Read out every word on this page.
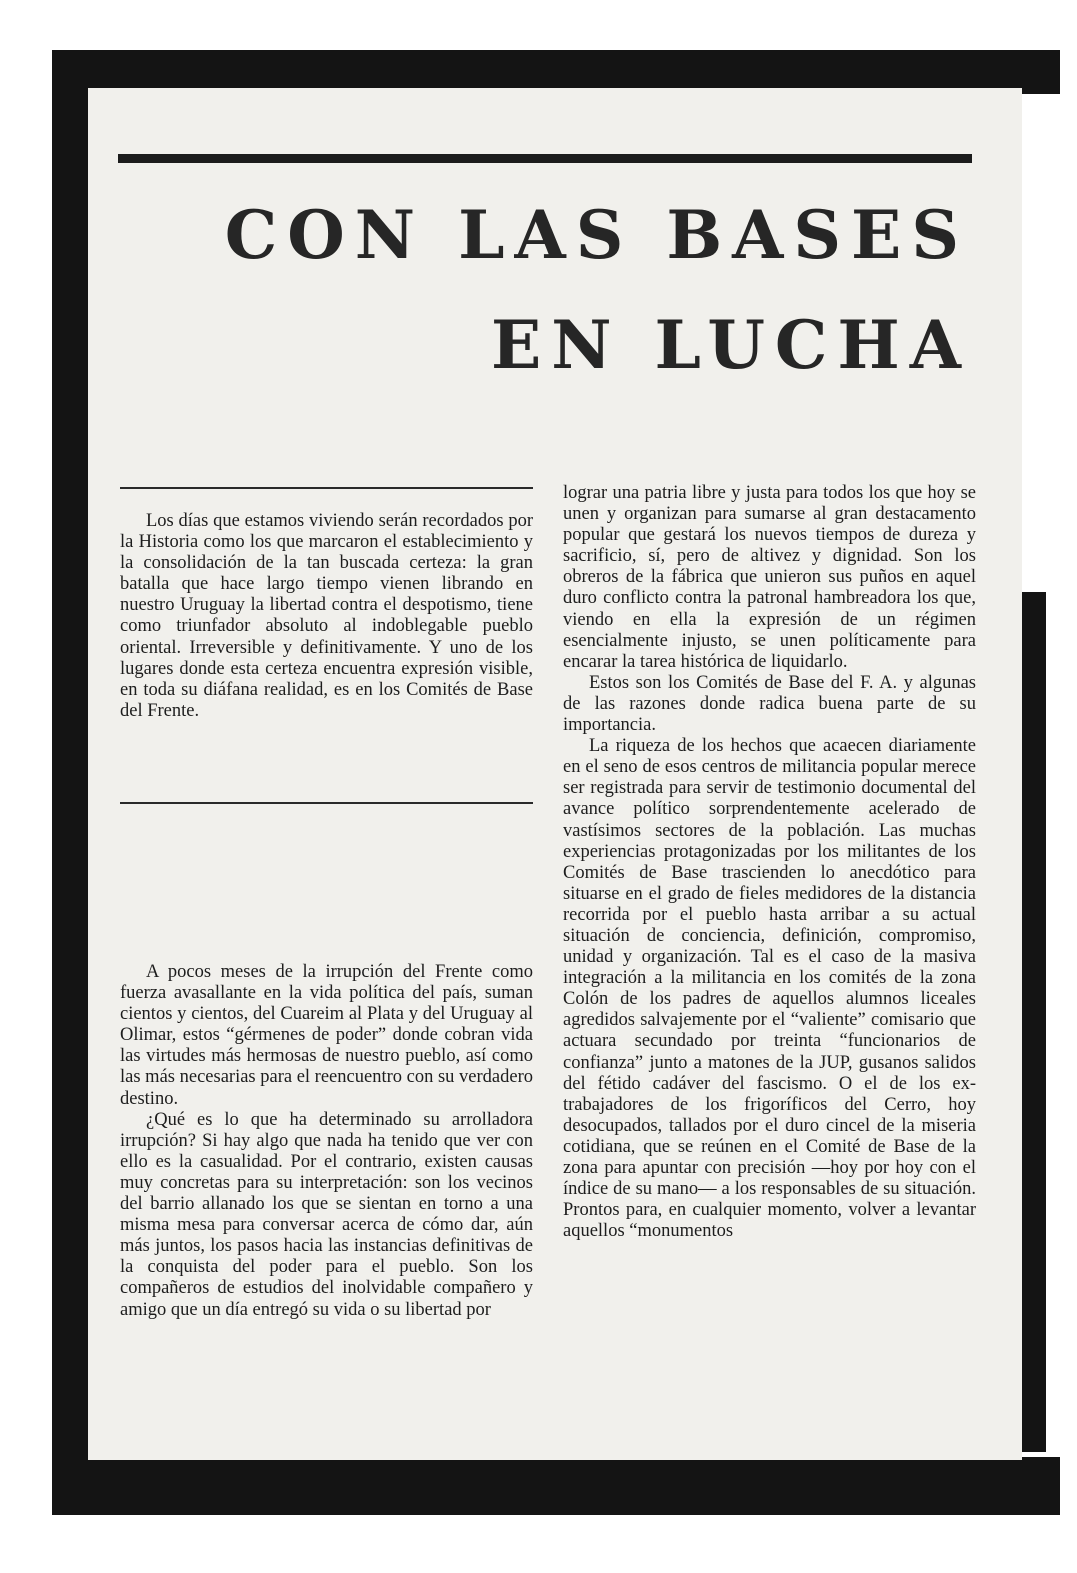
CON LAS BASES
EN LUCHA

Los días que estamos viviendo serán recordados por la Historia como los que marcaron el establecimiento y la consolidación de la tan buscada certeza: la gran batalla que hace largo tiempo vienen librando en nuestro Uruguay la libertad contra el despotismo, tiene como triunfador absoluto al indoblegable pueblo oriental. Irreversible y definitivamente. Y uno de los lugares donde esta certeza encuentra expresión visible, en toda su diáfana realidad, es en los Comités de Base del Frente.

A pocos meses de la irrupción del Frente como fuerza avasallante en la vida política del país, suman cientos y cientos, del Cuareim al Plata y del Uruguay al Olimar, estos “gérmenes de poder” donde cobran vida las virtudes más hermosas de nuestro pueblo, así como las más necesarias para el reencuentro con su verdadero destino.

¿Qué es lo que ha determinado su arrolladora irrupción? Si hay algo que nada ha tenido que ver con ello es la casualidad. Por el contrario, existen causas muy concretas para su interpretación: son los vecinos del barrio allanado los que se sientan en torno a una misma mesa para conversar acerca de cómo dar, aún más juntos, los pasos hacia las instancias definitivas de la conquista del poder para el pueblo. Son los compañeros de estudios del inolvidable compañero y amigo que un día entregó su vida o su libertad por

lograr una patria libre y justa para todos los que hoy se unen y organizan para sumarse al gran destacamento popular que gestará los nuevos tiempos de dureza y sacrificio, sí, pero de altivez y dignidad. Son los obreros de la fábrica que unieron sus puños en aquel duro conflicto contra la patronal hambreadora los que, viendo en ella la expresión de un régimen esencialmente injusto, se unen políticamente para encarar la tarea histórica de liquidarlo.

Estos son los Comités de Base del F. A. y algunas de las razones donde radica buena parte de su importancia.

La riqueza de los hechos que acaecen diariamente en el seno de esos centros de militancia popular merece ser registrada para servir de testimonio documental del avance político sorprendentemente acelerado de vastísimos sectores de la población. Las muchas experiencias protagonizadas por los militantes de los Comités de Base trascienden lo anecdótico para situarse en el grado de fieles medidores de la distancia recorrida por el pueblo hasta arribar a su actual situación de conciencia, definición, compromiso, unidad y organización. Tal es el caso de la masiva integración a la militancia en los comités de la zona Colón de los padres de aquellos alumnos liceales agredidos salvajemente por el “valiente” comisario que actuara secundado por treinta “funcionarios de confianza” junto a matones de la JUP, gusanos salidos del fétido cadáver del fascismo. O el de los ex-trabajadores de los frigoríficos del Cerro, hoy desocupados, tallados por el duro cincel de la miseria cotidiana, que se reúnen en el Comité de Base de la zona para apuntar con precisión —hoy por hoy con el índice de su mano— a los responsables de su situación. Prontos para, en cualquier momento, volver a levantar aquellos “monumentos

8
